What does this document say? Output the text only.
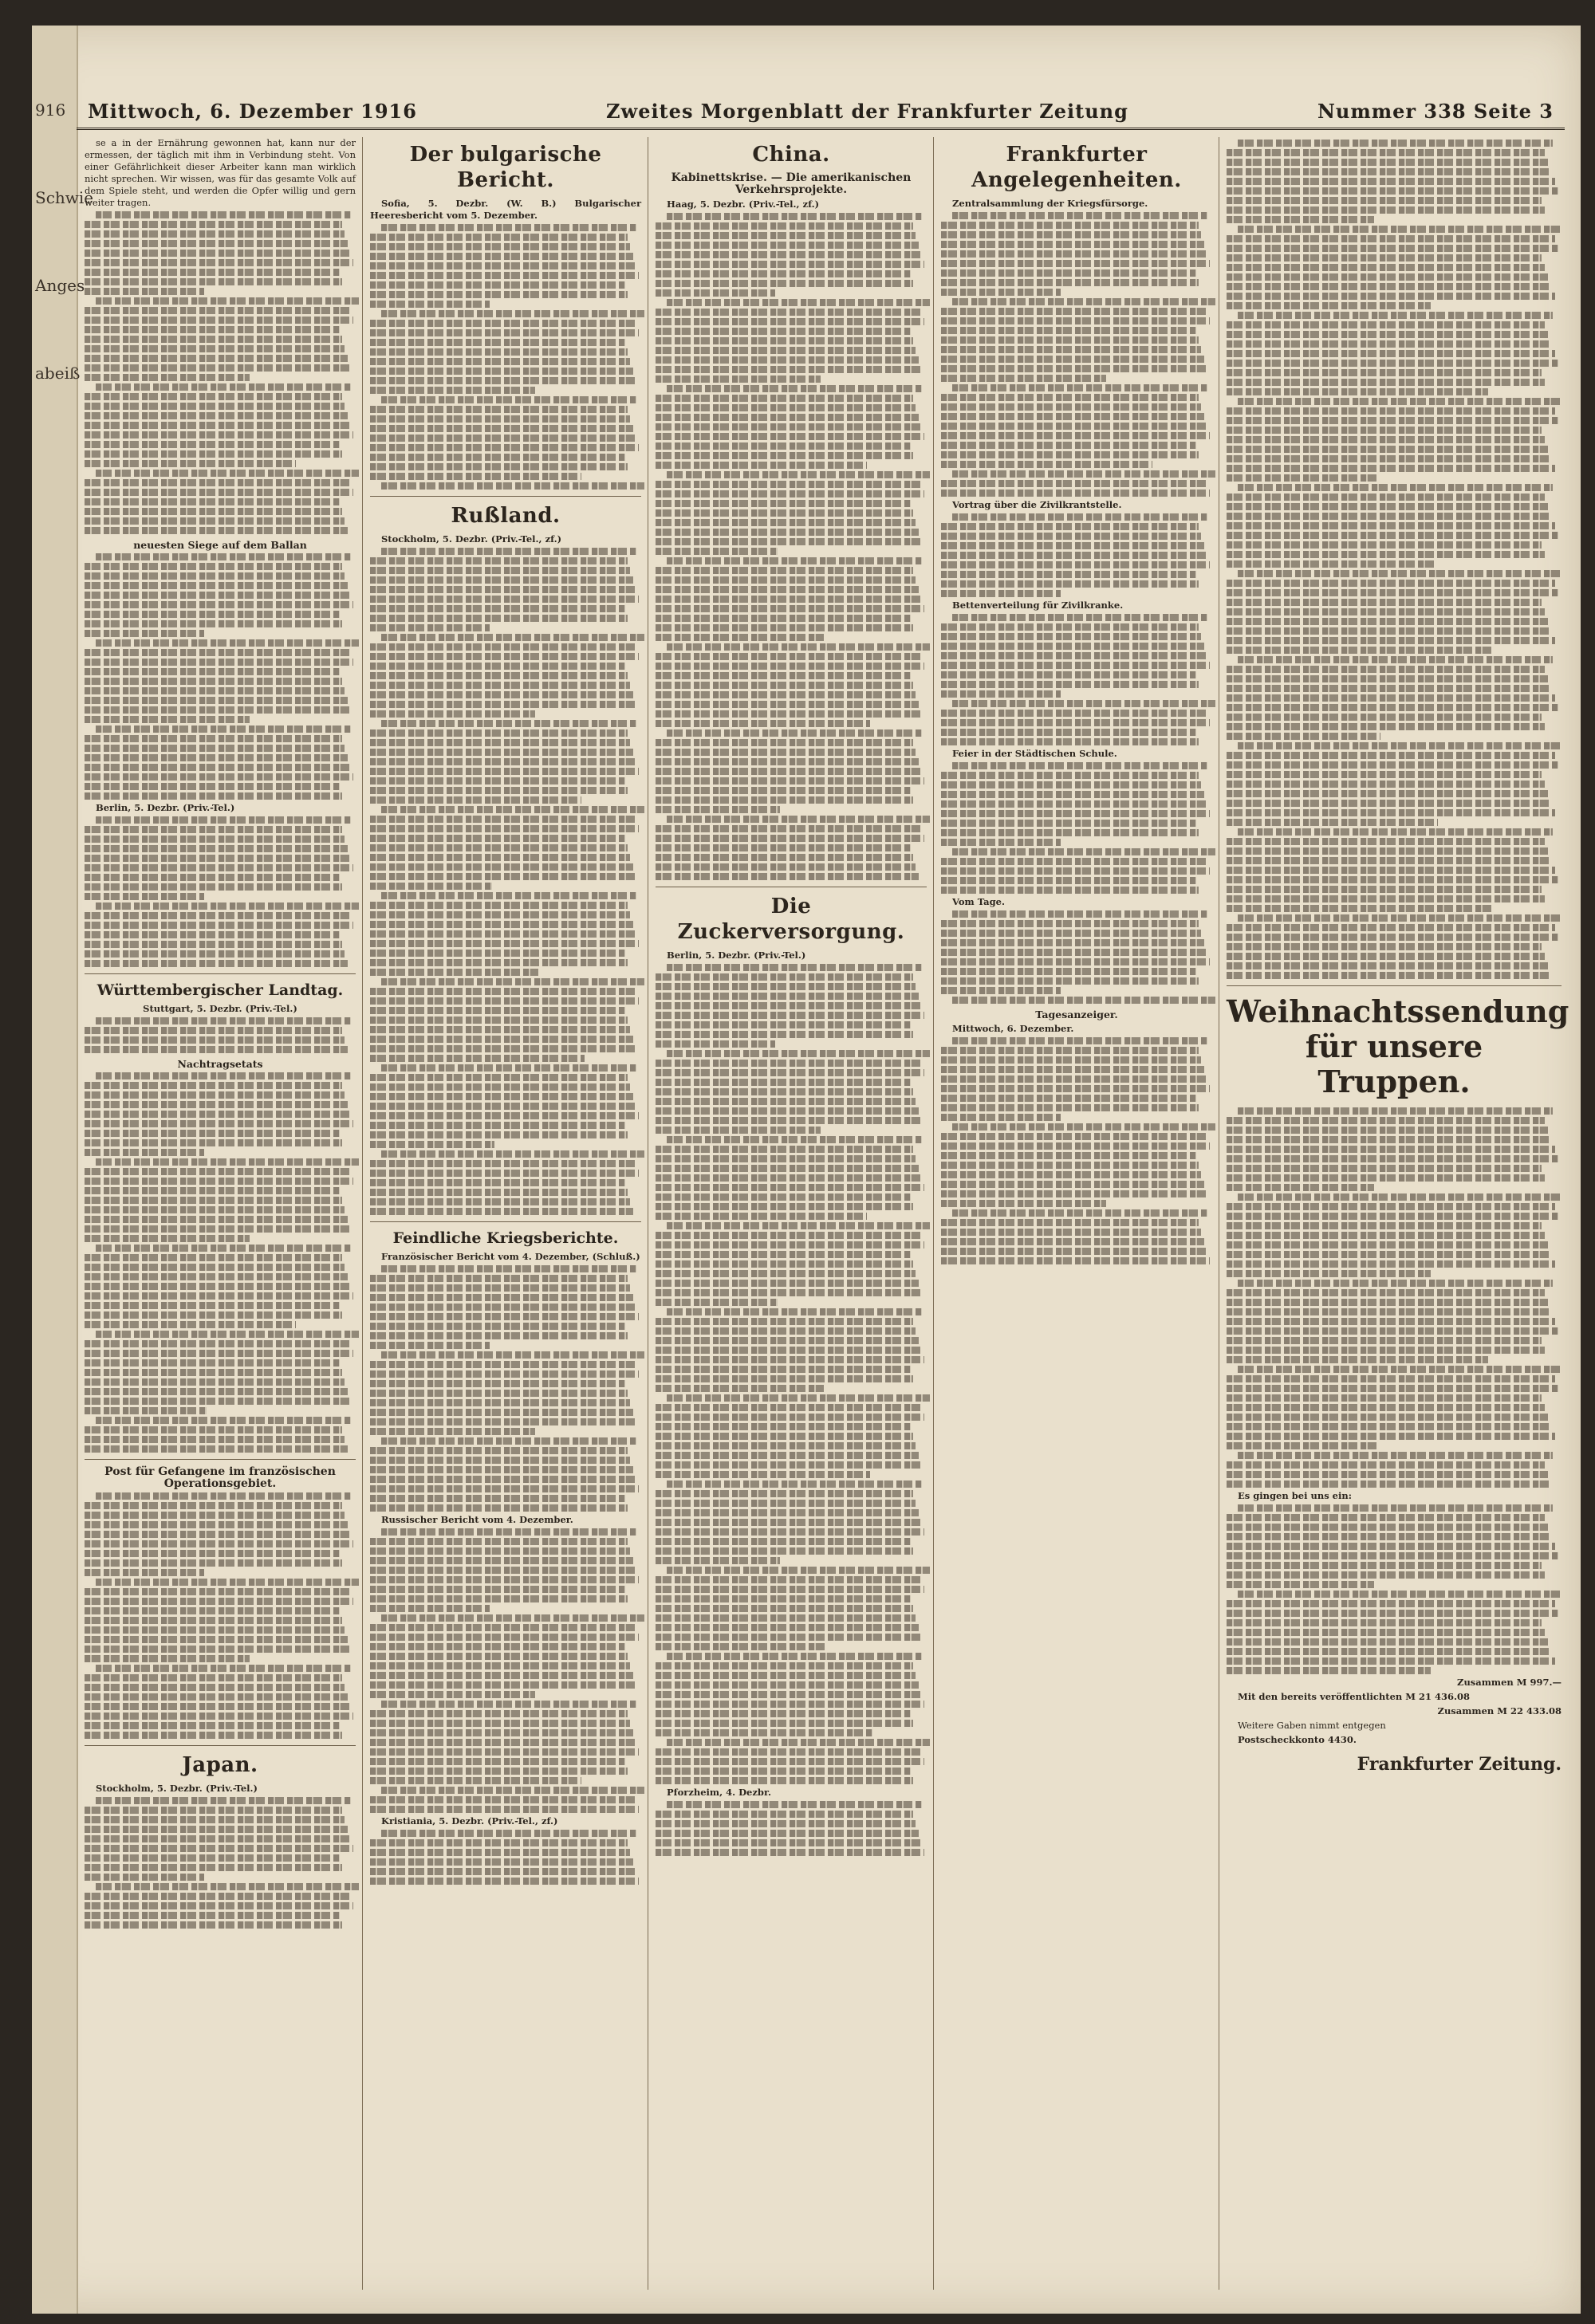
916
Schwie
Anges
abeiß
Mittwoch, 6. Dezember 1916	Zweites Morgenblatt der Frankfurter Zeitung	Nummer 338 Seite 3

se a in der Ernährung gewonnen hat, kann nur der ermessen, der täglich mit ihm in Verbindung steht. Von einer Gefährlichkeit dieser Arbeiter kann man wirklich nicht sprechen. Wir wissen, was für das gesamte Volk auf dem Spiele steht, und werden die Opfer willig und gern weiter tragen.

neuesten Siege auf dem Ballan

Berlin, 5. Dezbr. (Priv.-Tel.)

Württembergischer Landtag.

Stuttgart, 5. Dezbr. (Priv.-Tel.)

Nachtragsetats
Post für Gefangene im französischen Operationsgebiet.
Japan.

Stockholm, 5. Dezbr. (Priv.-Tel.)

Der bulgarische Bericht.

Sofia, 5. Dezbr. (W. B.) Bulgarischer Heeresbericht vom 5. Dezember.

Rußland.

Stockholm, 5. Dezbr. (Priv.-Tel., zf.)

Feindliche Kriegsberichte.

Französischer Bericht vom 4. Dezember, (Schluß.)

Russischer Bericht vom 4. Dezember.

Kristiania, 5. Dezbr. (Priv.-Tel., zf.)

China.
Kabinettskrise. — Die amerikanischen Verkehrsprojekte.

Haag, 5. Dezbr. (Priv.-Tel., zf.)

Die Zuckerversorgung.

Berlin, 5. Dezbr. (Priv.-Tel.)

Pforzheim, 4. Dezbr.

Frankfurter Angelegenheiten.

Zentralsammlung der Kriegsfürsorge.

Vortrag über die Zivilkrantstelle.

Bettenverteilung für Zivilkranke.

Feier in der Städtischen Schule.

Vom Tage.

Tagesanzeiger.

Mittwoch, 6. Dezember.	Weihnachtssendung für unsere Truppen.

Es gingen bei uns ein:

Zusammen M 997.—

Mit den bereits veröffentlichten M 21 436.08

Zusammen M 22 433.08

Weitere Gaben nimmt entgegen

Postscheckkonto 4430.

Frankfurter Zeitung.
